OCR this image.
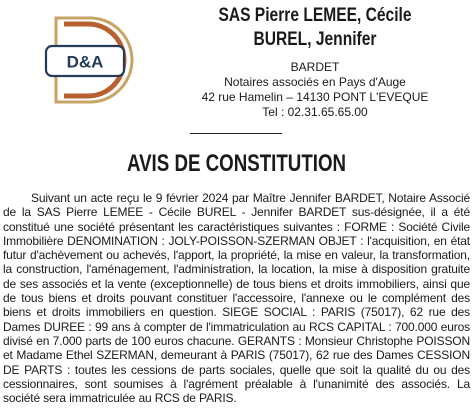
D&A
SAS Pierre LEMEE, Cécile
BUREL, Jennifer
BARDET
Notaires associés en Pays d'Auge
42 rue Hamelin – 14130 PONT L'EVEQUE
Tel : 02.31.65.65.00
AVIS DE CONSTITUTION
Suivant un acte reçu le 9 février 2024 par Maître Jennifer BARDET, Notaire Associé de la SAS Pierre LEMEE - Cécile BUREL - Jennifer BARDET sus-désignée, il a été constitué une société présentant les caractéristiques suivantes : FORME : Société Civile Immobilière DENOMINATION : JOLY-POISSON-SZERMAN OBJET : l'acquisition, en état futur d'achèvement ou achevés, l'apport, la propriété, la mise en valeur, la transformation, la construction, l'aménagement, l'administration, la location, la mise à disposition gratuite de ses associés et la vente (exceptionnelle) de tous biens et droits immobiliers, ainsi que de tous biens et droits pouvant constituer l'accessoire, l'annexe ou le complément des biens et droits immobiliers en question. SIEGE SOCIAL : PARIS (75017), 62 rue des Dames DUREE : 99 ans à compter de l'immatriculation au RCS CAPITAL : 700.000 euros divisé en 7.000 parts de 100 euros chacune. GERANTS : Monsieur Christophe POISSON et Madame Ethel SZERMAN, demeurant à PARIS (75017), 62 rue des Dames CESSION DE PARTS : toutes les cessions de parts sociales, quelle que soit la qualité du ou des cessionnaires, sont soumises à l'agrément préalable à l'unanimité des associés. La société sera immatriculée au RCS de PARIS.
